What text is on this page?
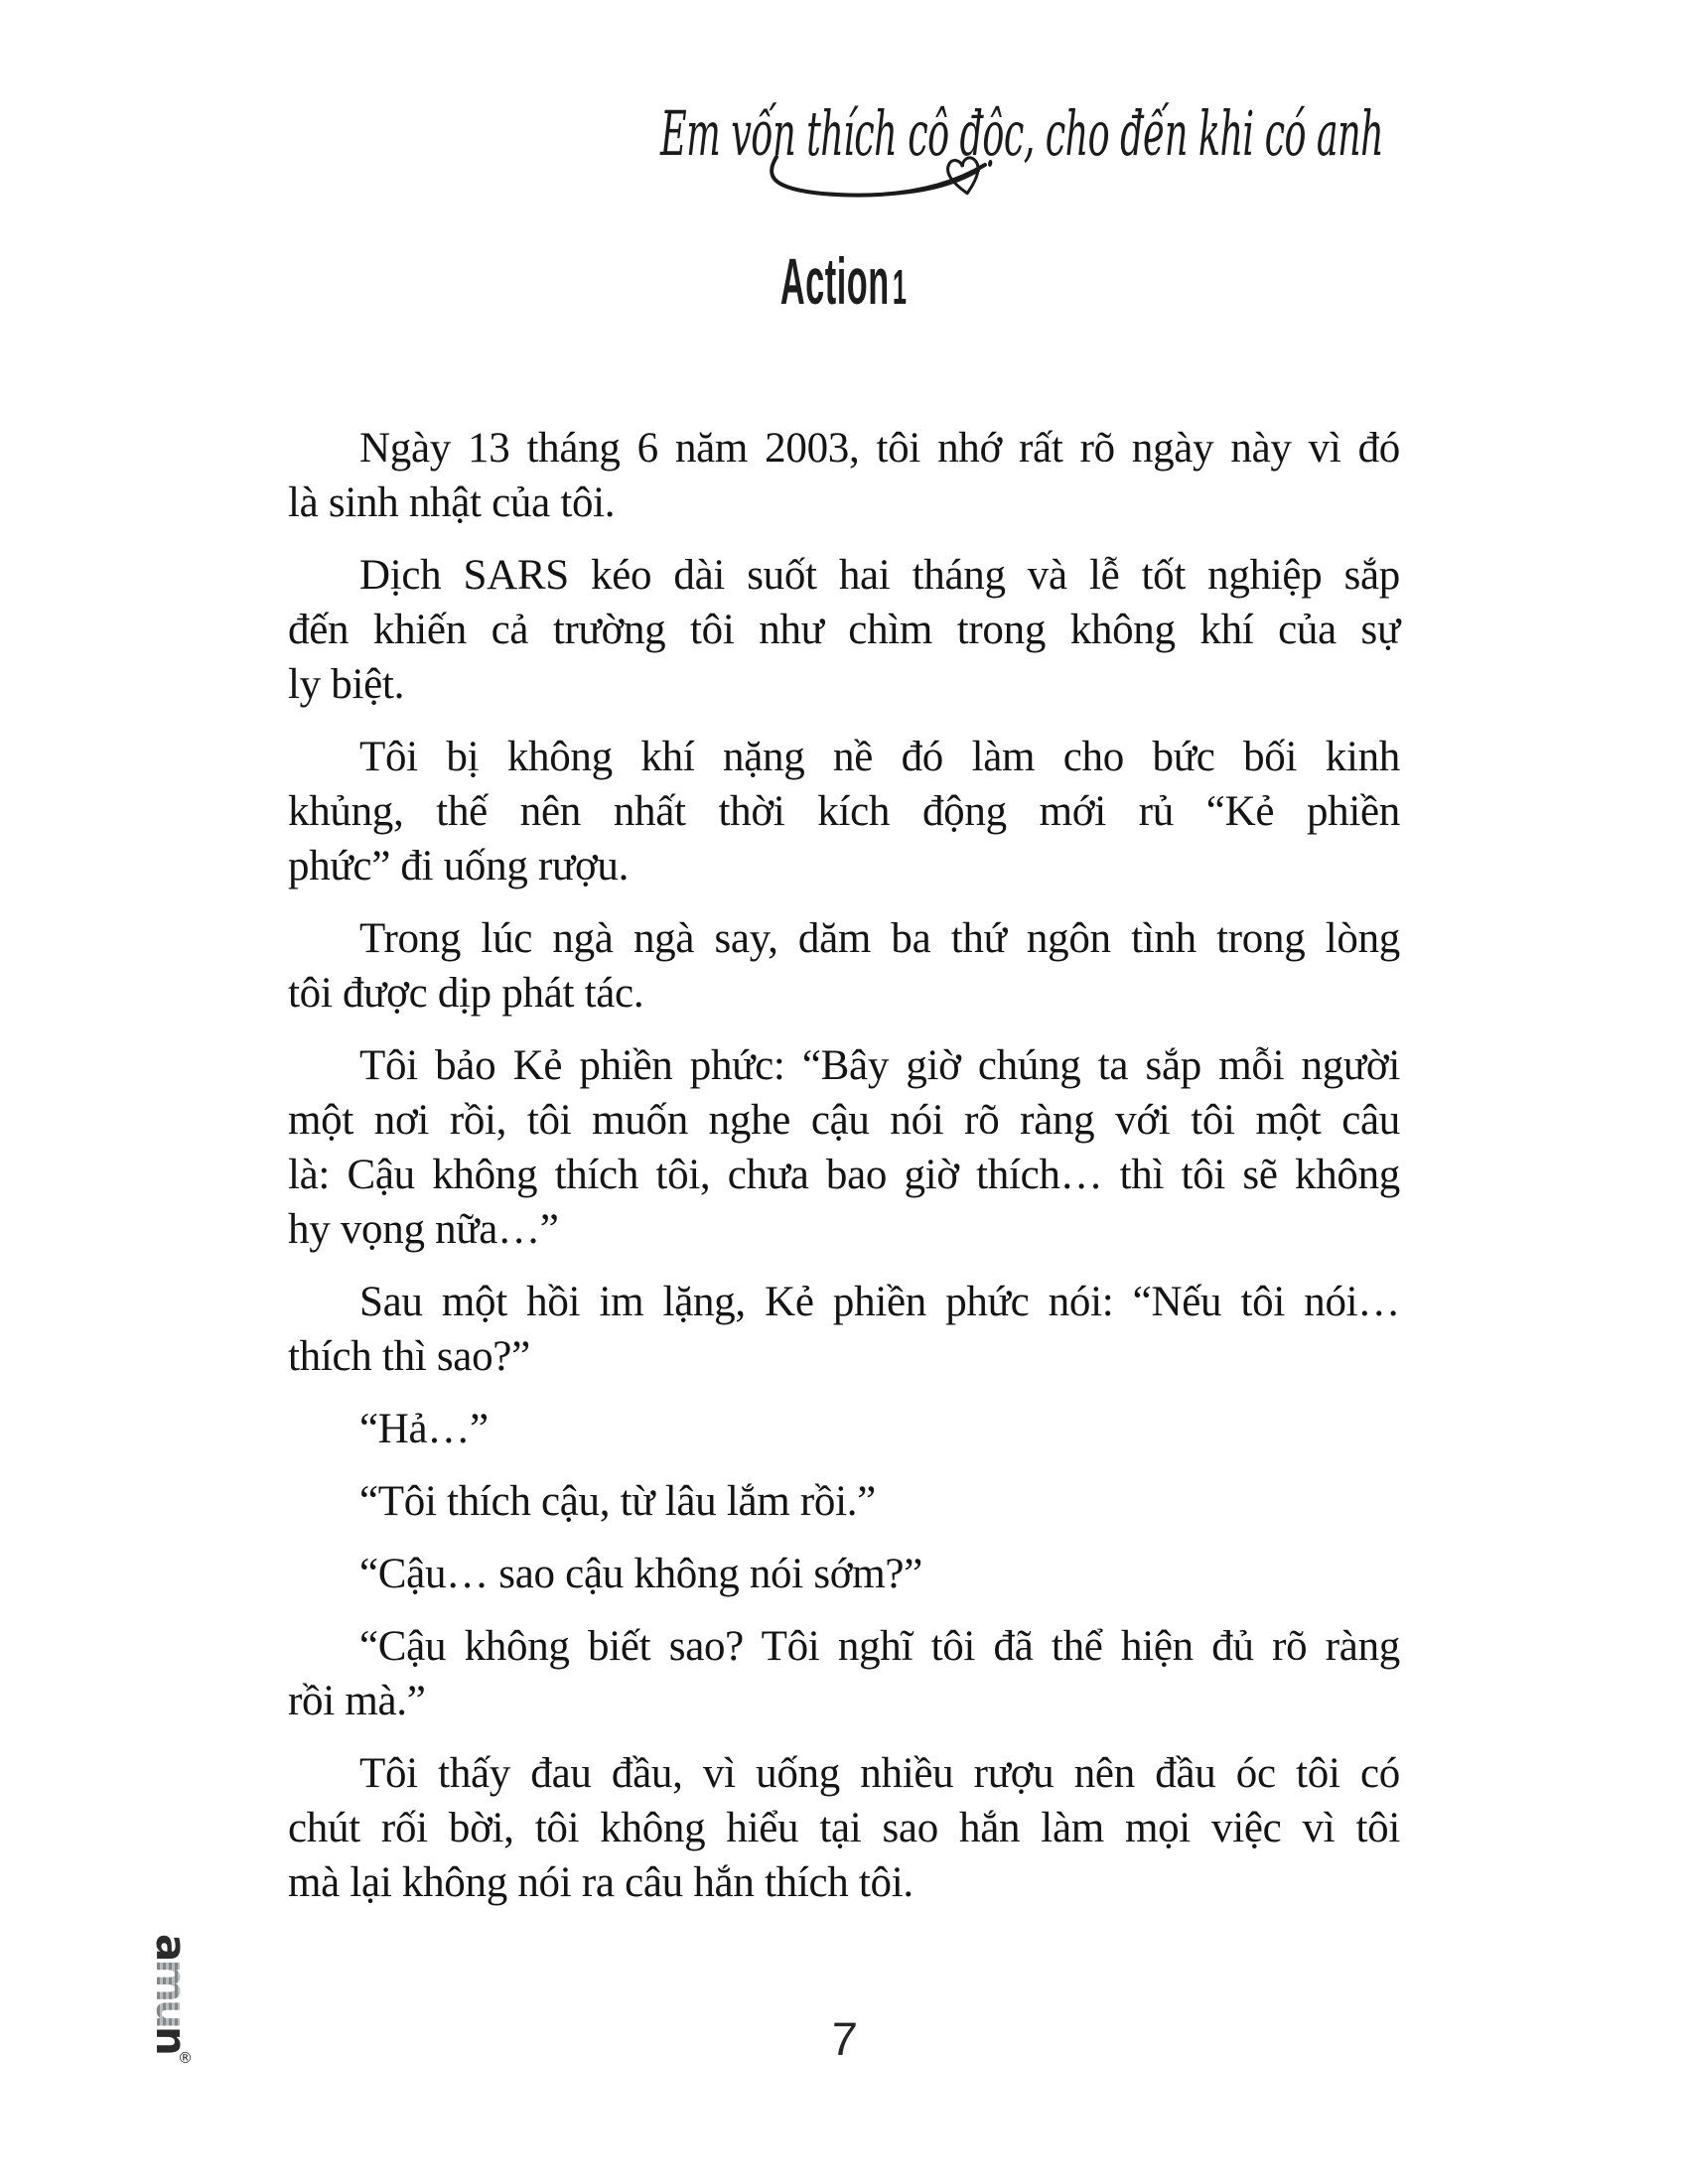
Em vốn thích cô độc, cho đến khi có anh
Action1
Ngày 13 tháng 6 năm 2003, tôi nhớ rất rõ ngày này vì đó
là sinh nhật của tôi.
Dịch SARS kéo dài suốt hai tháng và lễ tốt nghiệp sắp
đến khiến cả trường tôi như chìm trong không khí của sự
ly biệt.
Tôi bị không khí nặng nề đó làm cho bức bối kinh
khủng, thế nên nhất thời kích động mới rủ “Kẻ phiền
phức” đi uống rượu.
Trong lúc ngà ngà say, dăm ba thứ ngôn tình trong lòng
tôi được dịp phát tác.
Tôi bảo Kẻ phiền phức: “Bây giờ chúng ta sắp mỗi người
một nơi rồi, tôi muốn nghe cậu nói rõ ràng với tôi một câu
là: Cậu không thích tôi, chưa bao giờ thích… thì tôi sẽ không
hy vọng nữa…”
Sau một hồi im lặng, Kẻ phiền phức nói: “Nếu tôi nói…
thích thì sao?”
“Hả…”
“Tôi thích cậu, từ lâu lắm rồi.”
“Cậu… sao cậu không nói sớm?”
“Cậu không biết sao? Tôi nghĩ tôi đã thể hiện đủ rõ ràng
rồi mà.”
Tôi thấy đau đầu, vì uống nhiều rượu nên đầu óc tôi có
chút rối bời, tôi không hiểu tại sao hắn làm mọi việc vì tôi
mà lại không nói ra câu hắn thích tôi.
7
amun
®
